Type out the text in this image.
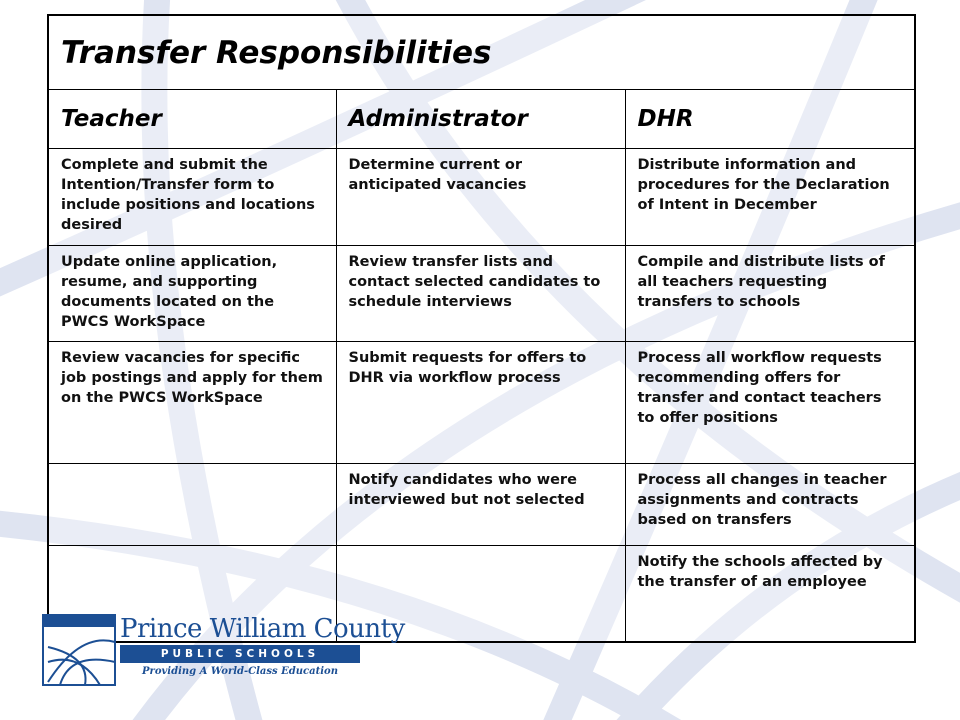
Transfer Responsibilities		
Teacher	Administrator	DHR
Complete and submit the Intention/Transfer form to include positions and locations desired	Determine current or anticipated vacancies	Distribute information and procedures for the Declaration of Intent in December
Update online application, resume, and supporting documents located on the PWCS WorkSpace	Review transfer lists and contact selected candidates to schedule interviews	Compile and distribute lists of all teachers requesting transfers to schools
Review vacancies for specific job postings and apply for them on the PWCS WorkSpace	Submit requests for offers to DHR via workflow process	Process all workflow requests recommending offers for transfer and contact teachers to offer positions
	Notify candidates who were interviewed but not selected	Process all changes in teacher assignments and contracts based on transfers
		Notify the schools affected by the transfer of an employee
Prince William County
PUBLIC SCHOOLS
Providing A World-Class Education
